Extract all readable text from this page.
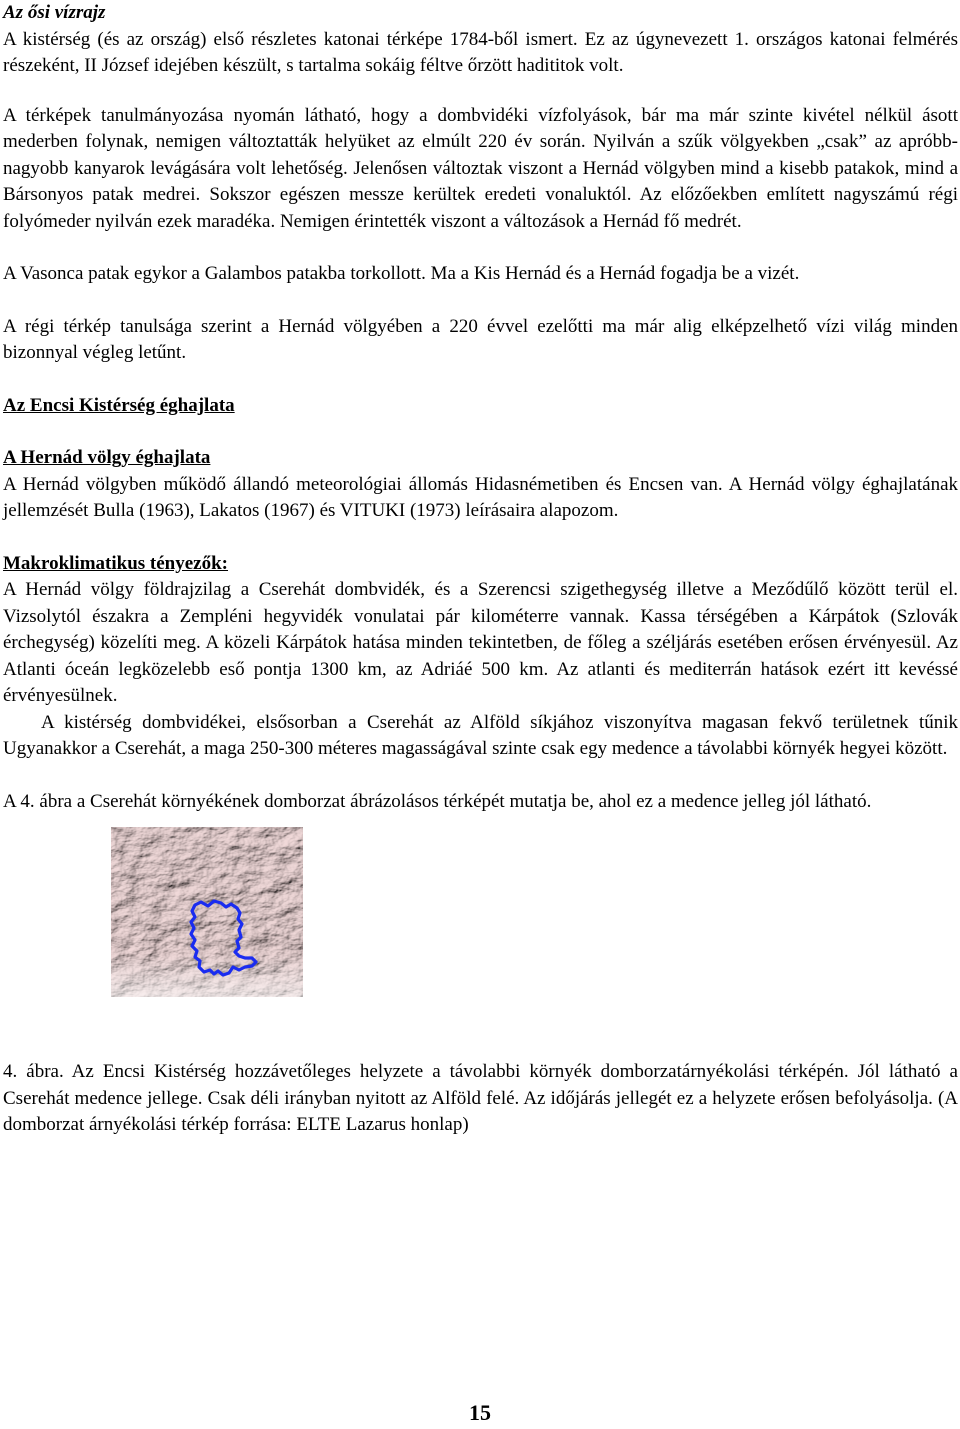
Az ősi vízrajz

A kistérség (és az ország) első részletes katonai térképe 1784-ből ismert. Ez az úgynevezett 1. országos katonai felmérés részeként, II József idejében készült, s tartalma sokáig féltve őrzött hadititok volt.

A térképek tanulmányozása nyomán látható, hogy a dombvidéki vízfolyások, bár ma már szinte kivétel nélkül ásott mederben folynak, nemigen változtatták helyüket az elmúlt 220 év során. Nyilván a szűk völgyekben „csak” az apróbb-nagyobb kanyarok levágására volt lehetőség. Jelenősen változtak viszont a Hernád völgyben mind a kisebb patakok, mind a Bársonyos patak medrei. Sokszor egészen messze kerültek eredeti vonaluktól. Az előzőekben említett nagyszámú régi folyómeder nyilván ezek maradéka. Nemigen érintették viszont a változások a Hernád fő medrét.

A Vasonca patak egykor a Galambos patakba torkollott. Ma a Kis Hernád és a Hernád fogadja be a vizét.

A régi térkép tanulsága szerint a Hernád völgyében a 220 évvel ezelőtti ma már alig elképzelhető vízi világ minden bizonnyal végleg letűnt.

Az Encsi Kistérség éghajlata

A Hernád völgy éghajlata

A Hernád völgyben működő állandó meteorológiai állomás Hidasnémetiben és Encsen van. A Hernád völgy éghajlatának jellemzését Bulla (1963), Lakatos (1967) és VITUKI (1973) leírásaira alapozom.

Makroklimatikus tényezők:

A Hernád völgy földrajzilag a Cserehát dombvidék, és a Szerencsi szigethegység illetve a Meződűlő között terül el. Vizsolytól északra a Zempléni hegyvidék vonulatai pár kilométerre vannak. Kassa térségében a Kárpátok (Szlovák érchegység) közelíti meg. A közeli Kárpátok hatása minden tekintetben, de főleg a széljárás esetében erősen érvényesül. Az Atlanti óceán legközelebb eső pontja 1300 km, az Adriáé 500 km. Az atlanti és mediterrán hatások ezért itt kevéssé érvényesülnek.

A kistérség dombvidékei, elsősorban a Cserehát az Alföld síkjához viszonyítva magasan fekvő területnek tűnik Ugyanakkor a Cserehát, a maga 250-300 méteres magasságával szinte csak egy medence a távolabbi környék hegyei között.

A 4. ábra a Cserehát környékének domborzat ábrázolásos térképét mutatja be, ahol ez a medence jelleg jól látható.

4. ábra. Az Encsi Kistérség hozzávetőleges helyzete a távolabbi környék domborzatárnyékolási térképén. Jól látható a Cserehát medence jellege. Csak déli irányban nyitott az Alföld felé. Az időjárás jellegét ez a helyzete erősen befolyásolja. (A domborzat árnyékolási térkép forrása: ELTE Lazarus honlap)

15
